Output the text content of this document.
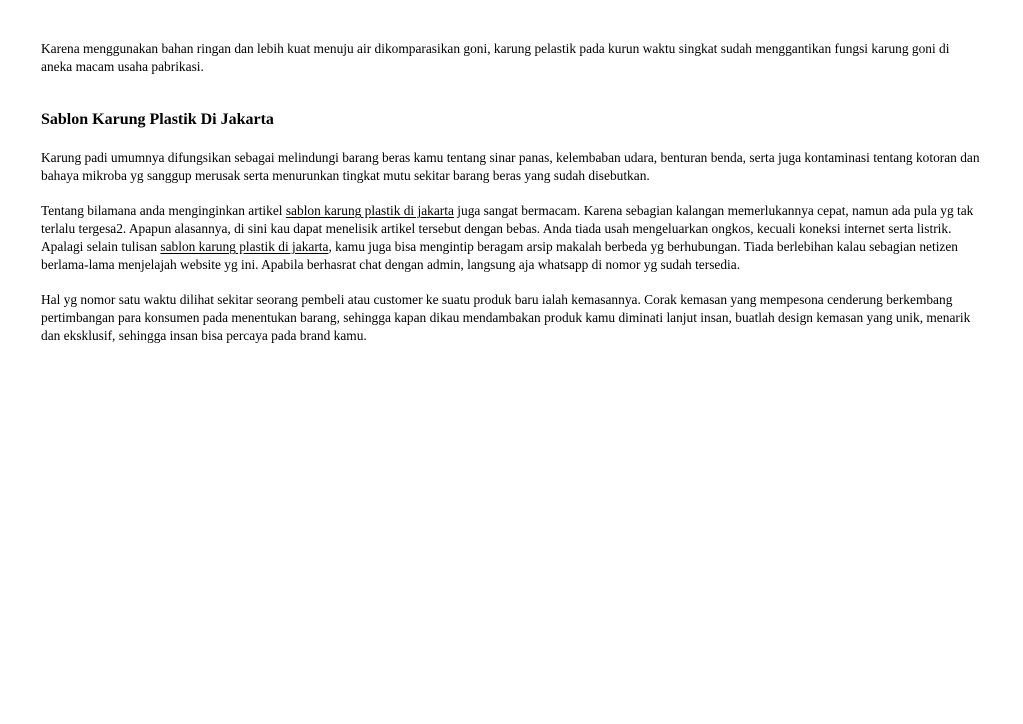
Karena menggunakan bahan ringan dan lebih kuat menuju air dikomparasikan goni, karung pelastik pada kurun waktu singkat sudah menggantikan fungsi karung goni di aneka macam usaha pabrikasi.

Sablon Karung Plastik Di Jakarta

Karung padi umumnya difungsikan sebagai melindungi barang beras kamu tentang sinar panas, kelembaban udara, benturan benda, serta juga kontaminasi tentang kotoran dan bahaya mikroba yg sanggup merusak serta menurunkan tingkat mutu sekitar barang beras yang sudah disebutkan.

Tentang bilamana anda menginginkan artikel sablon karung plastik di jakarta juga sangat bermacam. Karena sebagian kalangan memerlukannya cepat, namun ada pula yg tak terlalu tergesa2. Apapun alasannya, di sini kau dapat menelisik artikel tersebut dengan bebas. Anda tiada usah mengeluarkan ongkos, kecuali koneksi internet serta listrik. Apalagi selain tulisan sablon karung plastik di jakarta, kamu juga bisa mengintip beragam arsip makalah berbeda yg berhubungan. Tiada berlebihan kalau sebagian netizen berlama-lama menjelajah website yg ini. Apabila berhasrat chat dengan admin, langsung aja whatsapp di nomor yg sudah tersedia.

Hal yg nomor satu waktu dilihat sekitar seorang pembeli atau customer ke suatu produk baru ialah kemasannya. Corak kemasan yang mempesona cenderung berkembang pertimbangan para konsumen pada menentukan barang, sehingga kapan dikau mendambakan produk kamu diminati lanjut insan, buatlah design kemasan yang unik, menarik dan eksklusif, sehingga insan bisa percaya pada brand kamu.
